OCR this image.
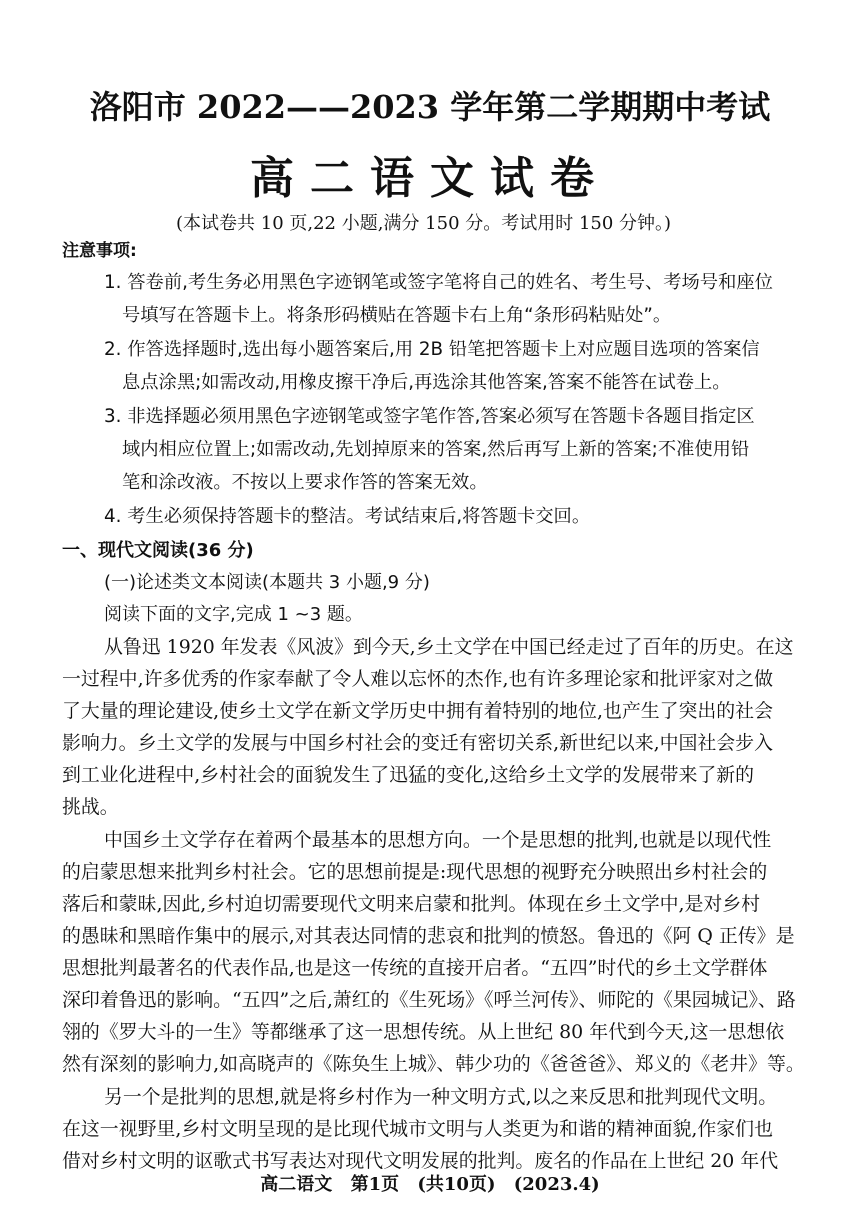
洛阳市 2022——2023 学年第二学期期中考试
高二语文试卷
(本试卷共 10 页,22 小题,满分 150 分。考试用时 150 分钟。)
注意事项:
1. 答卷前,考生务必用黑色字迹钢笔或签字笔将自己的姓名、考生号、考场号和座位
号填写在答题卡上。将条形码横贴在答题卡右上角“条形码粘贴处”。
2. 作答选择题时,选出每小题答案后,用 2B 铅笔把答题卡上对应题目选项的答案信
息点涂黑;如需改动,用橡皮擦干净后,再选涂其他答案,答案不能答在试卷上。
3. 非选择题必须用黑色字迹钢笔或签字笔作答,答案必须写在答题卡各题目指定区
域内相应位置上;如需改动,先划掉原来的答案,然后再写上新的答案;不准使用铅
笔和涂改液。不按以上要求作答的答案无效。
4. 考生必须保持答题卡的整洁。考试结束后,将答题卡交回。
一、现代文阅读(36 分)
(一)论述类文本阅读(本题共 3 小题,9 分)
阅读下面的文字,完成 1 ~3 题。
从鲁迅 1920 年发表《风波》到今天,乡土文学在中国已经走过了百年的历史。在这
一过程中,许多优秀的作家奉献了令人难以忘怀的杰作,也有许多理论家和批评家对之做
了大量的理论建设,使乡土文学在新文学历史中拥有着特别的地位,也产生了突出的社会
影响力。乡土文学的发展与中国乡村社会的变迁有密切关系,新世纪以来,中国社会步入
到工业化进程中,乡村社会的面貌发生了迅猛的变化,这给乡土文学的发展带来了新的
挑战。
中国乡土文学存在着两个最基本的思想方向。一个是思想的批判,也就是以现代性
的启蒙思想来批判乡村社会。它的思想前提是:现代思想的视野充分映照出乡村社会的
落后和蒙昧,因此,乡村迫切需要现代文明来启蒙和批判。体现在乡土文学中,是对乡村
的愚昧和黑暗作集中的展示,对其表达同情的悲哀和批判的愤怒。鲁迅的《阿 Q 正传》是
思想批判最著名的代表作品,也是这一传统的直接开启者。“五四”时代的乡土文学群体
深印着鲁迅的影响。“五四”之后,萧红的《生死场》《呼兰河传》、师陀的《果园城记》、路
翎的《罗大斗的一生》等都继承了这一思想传统。从上世纪 80 年代到今天,这一思想依
然有深刻的影响力,如高晓声的《陈奂生上城》、韩少功的《爸爸爸》、郑义的《老井》等。
另一个是批判的思想,就是将乡村作为一种文明方式,以之来反思和批判现代文明。
在这一视野里,乡村文明呈现的是比现代城市文明与人类更为和谐的精神面貌,作家们也
借对乡村文明的讴歌式书写表达对现代文明发展的批判。废名的作品在上世纪 20 年代
高二语文 第1页 (共10页) (2023.4)
